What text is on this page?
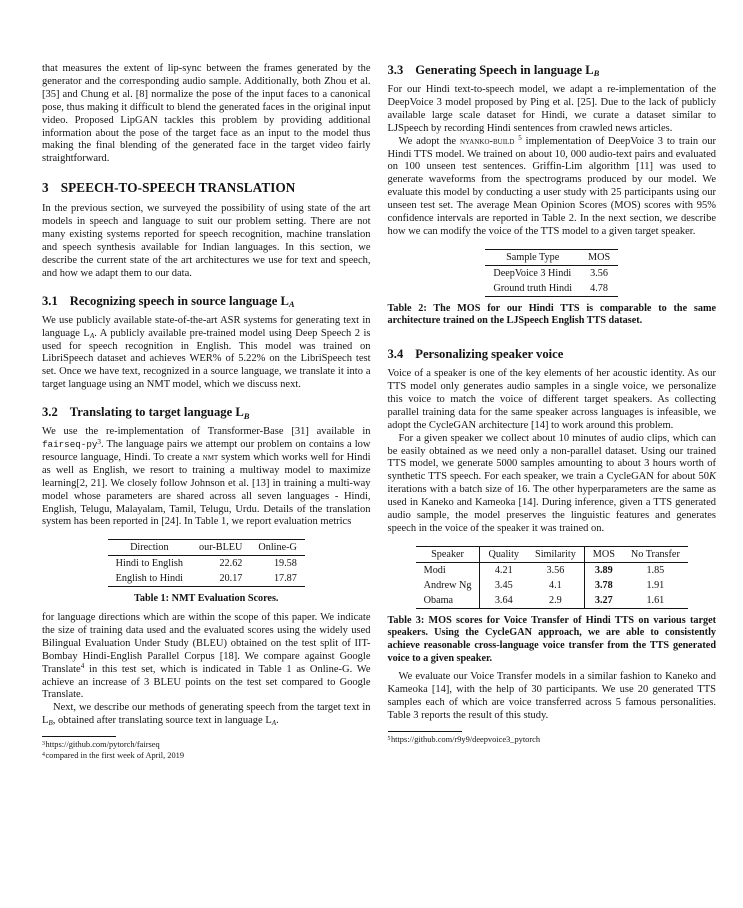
that measures the extent of lip-sync between the frames generated by the generator and the corresponding audio sample. Additionally, both Zhou et al. [35] and Chung et al. [8] normalize the pose of the input faces to a canonical pose, thus making it difficult to blend the generated faces in the original input video. Proposed LipGAN tackles this problem by providing additional information about the pose of the target face as an input to the model thus making the final blending of the generated face in the target video fairly straightforward.

3 SPEECH-TO-SPEECH TRANSLATION

In the previous section, we surveyed the possibility of using state of the art models in speech and language to suit our problem setting. There are not many existing systems reported for speech recognition, machine translation and speech synthesis available for Indian languages. In this section, we describe the current state of the art architectures we use for text and speech, and how we adapt them to our data.

3.1 Recognizing speech in source language $L_A$

We use publicly available state-of-the-art ASR systems for generating text in language $L_A$. A publicly available pre-trained model using Deep Speech 2 is used for speech recognition in English. This model was trained on LibriSpeech dataset and achieves WER% of 5.22% on the LibriSpeech test set. Once we have text, recognized in a source language, we translate it into a target language using an NMT model, which we discuss next.

3.2 Translating to target language $L_B$

We use the re-implementation of Transformer-Base [31] available in fairseq-$py^3$. The language pairs we attempt our problem on contains a low resource language, Hindi. To create a nmt system which works well for Hindi as well as English, we resort to training a multiway model to maximize learning[2, 21]. We closely follow Johnson et al. [13] in training a multi-way model whose parameters are shared across all seven languages - Hindi, English, Telugu, Malayalam, Tamil, Telugu, Urdu. Details of the translation system has been reported in [24]. In Table 1, we report evaluation metrics

Direction	our-BLEU	Online-G
Hindi to English	22.62	19.58
English to Hindi	20.17	17.87
Table 1: NMT Evaluation Scores.

for language directions which are within the scope of this paper. We indicate the size of training data used and the evaluated scores using the widely used Bilingual Evaluation Under Study (BLEU) obtained on the test split of IIT-Bombay Hindi-English Parallel Corpus [18]. We compare against Google Translate$^4$ in this test set, which is indicated in Table 1 as Online-G. We achieve an increase of 3 BLEU points on the test set compared to Google Translate.

Next, we describe our methods of generating speech from the target text in $L_B$, obtained after translating source text in language $L_A$.

$^3$https://github.com/pytorch/fairseq
$^4$compared in the first week of April, 2019
3.3 Generating Speech in language $L_B$

For our Hindi text-to-speech model, we adapt a re-implementation of the DeepVoice 3 model proposed by Ping et al. [25]. Due to the lack of publicly available large scale dataset for Hindi, we curate a dataset similar to LJSpeech by recording Hindi sentences from crawled news articles.

We adopt the nyanko-build $^5$ implementation of DeepVoice 3 to train our Hindi TTS model. We trained on about 10, 000 audio-text pairs and evaluated on 100 unseen test sentences. Griffin-Lim algorithm [11] was used to generate waveforms from the spectrograms produced by our model. We evaluate this model by conducting a user study with 25 participants using our unseen test set. The average Mean Opinion Scores (MOS) scores with 95% confidence intervals are reported in Table 2. In the next section, we describe how we can modify the voice of the TTS model to a given target speaker.

Sample Type	MOS
DeepVoice 3 Hindi	3.56
Ground truth Hindi	4.78
Table 2: The MOS for our Hindi TTS is comparable to the same architecture trained on the LJSpeech English TTS dataset.
3.4 Personalizing speaker voice

Voice of a speaker is one of the key elements of her acoustic identity. As our TTS model only generates audio samples in a single voice, we personalize this voice to match the voice of different target speakers. As collecting parallel training data for the same speaker across languages is infeasible, we adopt the CycleGAN architecture [14] to work around this problem.

For a given speaker we collect about 10 minutes of audio clips, which can be easily obtained as we need only a non-parallel dataset. Using our trained TTS model, we generate 5000 samples amounting to about 3 hours worth of synthetic TTS speech. For each speaker, we train a CycleGAN for about 50K iterations with a batch size of 16. The other hyperparameters are the same as used in Kaneko and Kameoka [14]. During inference, given a TTS generated audio sample, the model preserves the linguistic features and generates speech in the voice of the speaker it was trained on.

Speaker	Quality	Similarity	MOS	No Transfer
Modi	4.21	3.56	3.89	1.85
Andrew Ng	3.45	4.1	3.78	1.91
Obama	3.64	2.9	3.27	1.61
Table 3: MOS scores for Voice Transfer of Hindi TTS on various target speakers. Using the CycleGAN approach, we are able to consistently achieve reasonable cross-language voice transfer from the TTS generated voice to a given speaker.

We evaluate our Voice Transfer models in a similar fashion to Kaneko and Kameoka [14], with the help of 30 participants. We use 20 generated TTS samples each of which are voice transferred across 5 famous personalities. Table 3 reports the result of this study.

$^5$https://github.com/r9y9/deepvoice3_pytorch
